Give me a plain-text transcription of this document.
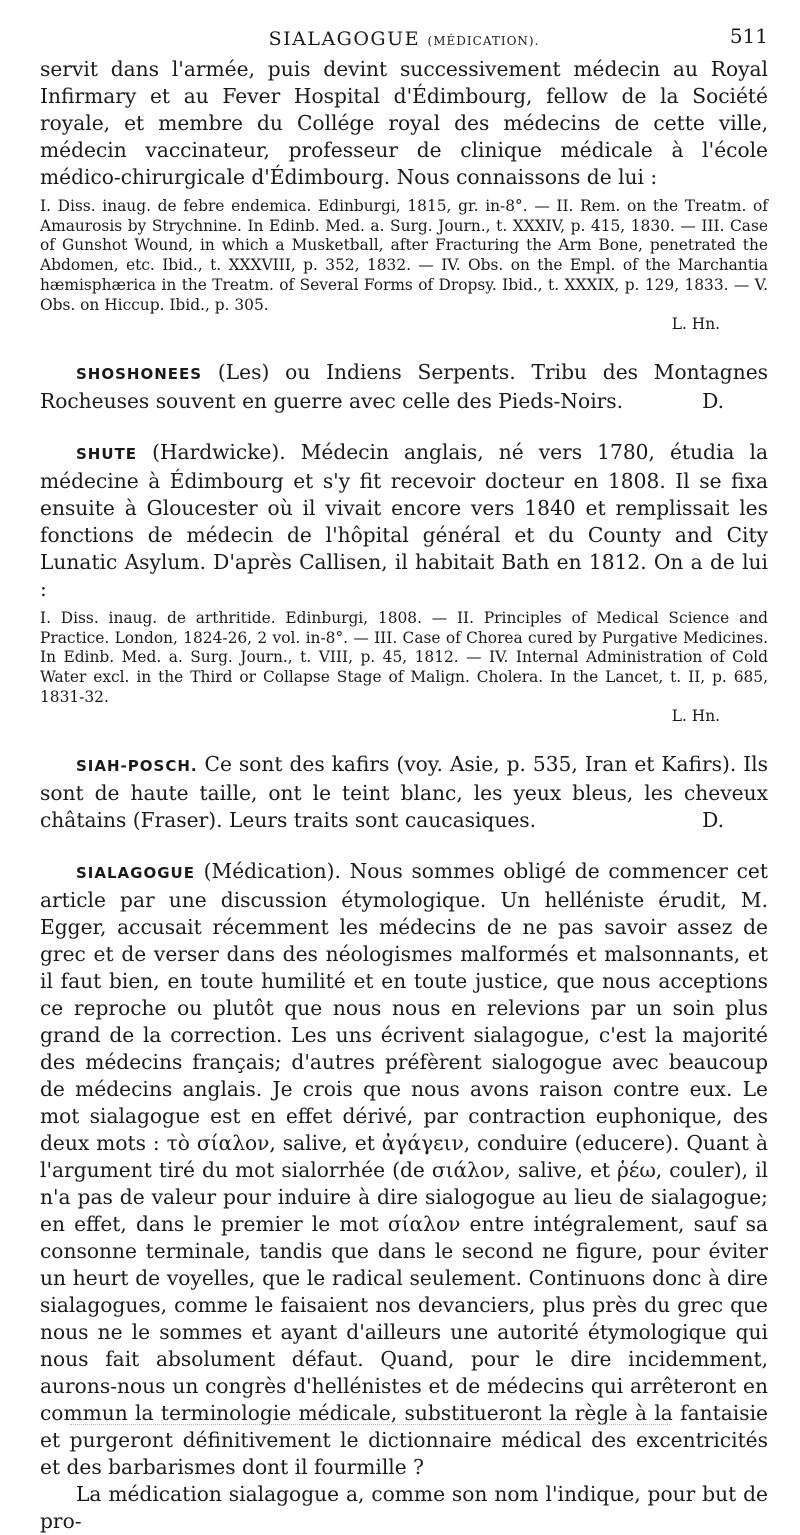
SIALAGOGUE (MÉDICATION).	511

servit dans l'armée, puis devint successivement médecin au Royal Infirmary et au Fever Hospital d'Édimbourg, fellow de la Société royale, et membre du Collége royal des médecins de cette ville, médecin vaccinateur, professeur de clinique médicale à l'école médico-chirurgicale d'Édimbourg. Nous connaissons de lui :

I. Diss. inaug. de febre endemica. Edinburgi, 1815, gr. in-8°. — II. Rem. on the Treatm. of Amaurosis by Strychnine. In Edinb. Med. a. Surg. Journ., t. XXXIV, p. 415, 1830. — III. Case of Gunshot Wound, in which a Musketball, after Fracturing the Arm Bone, penetrated the Abdomen, etc. Ibid., t. XXXVIII, p. 352, 1832. — IV. Obs. on the Empl. of the Marchantia hæmisphærica in the Treatm. of Several Forms of Dropsy. Ibid., t. XXXIX, p. 129, 1833. — V. Obs. on Hiccup. Ibid., p. 305.

L. Hn.

SHOSHONEES (Les) ou Indiens Serpents. Tribu des Montagnes Rocheuses souvent en guerre avec celle des Pieds-Noirs.	D.

SHUTE (Hardwicke). Médecin anglais, né vers 1780, étudia la médecine à Édimbourg et s'y fit recevoir docteur en 1808. Il se fixa ensuite à Gloucester où il vivait encore vers 1840 et remplissait les fonctions de médecin de l'hôpital général et du County and City Lunatic Asylum. D'après Callisen, il habitait Bath en 1812. On a de lui :

I. Diss. inaug. de arthritide. Edinburgi, 1808. — II. Principles of Medical Science and Practice. London, 1824-26, 2 vol. in-8°. — III. Case of Chorea cured by Purgative Medicines. In Edinb. Med. a. Surg. Journ., t. VIII, p. 45, 1812. — IV. Internal Administration of Cold Water excl. in the Third or Collapse Stage of Malign. Cholera. In the Lancet, t. II, p. 685, 1831-32.

L. Hn.

SIAH-POSCH. Ce sont des kafirs (voy. Asie, p. 535, Iran et Kafirs). Ils sont de haute taille, ont le teint blanc, les yeux bleus, les cheveux châtains (Fraser). Leurs traits sont caucasiques.	D.

SIALAGOGUE (Médication). Nous sommes obligé de commencer cet article par une discussion étymologique. Un helléniste érudit, M. Egger, accusait récemment les médecins de ne pas savoir assez de grec et de verser dans des néologismes malformés et malsonnants, et il faut bien, en toute humilité et en toute justice, que nous acceptions ce reproche ou plutôt que nous nous en relevions par un soin plus grand de la correction. Les uns écrivent sialagogue, c'est la majorité des médecins français; d'autres préfèrent sialogogue avec beaucoup de médecins anglais. Je crois que nous avons raison contre eux. Le mot sialagogue est en effet dérivé, par contraction euphonique, des deux mots : τὸ σίαλον, salive, et ἀγάγειν, conduire (educere). Quant à l'argument tiré du mot sialorrhée (de σιάλον, salive, et ῥέω, couler), il n'a pas de valeur pour induire à dire sialogogue au lieu de sialagogue; en effet, dans le premier le mot σίαλον entre intégralement, sauf sa consonne terminale, tandis que dans le second ne figure, pour éviter un heurt de voyelles, que le radical seulement. Continuons donc à dire sialagogues, comme le faisaient nos devanciers, plus près du grec que nous ne le sommes et ayant d'ailleurs une autorité étymologique qui nous fait absolument défaut. Quand, pour le dire incidemment, aurons-nous un congrès d'hellénistes et de médecins qui arrêteront en commun la terminologie médicale, substitueront la règle à la fantaisie et purgeront définitivement le dictionnaire médical des excentricités et des barbarismes dont il fourmille ?

La médication sialagogue a, comme son nom l'indique, pour but de pro-
